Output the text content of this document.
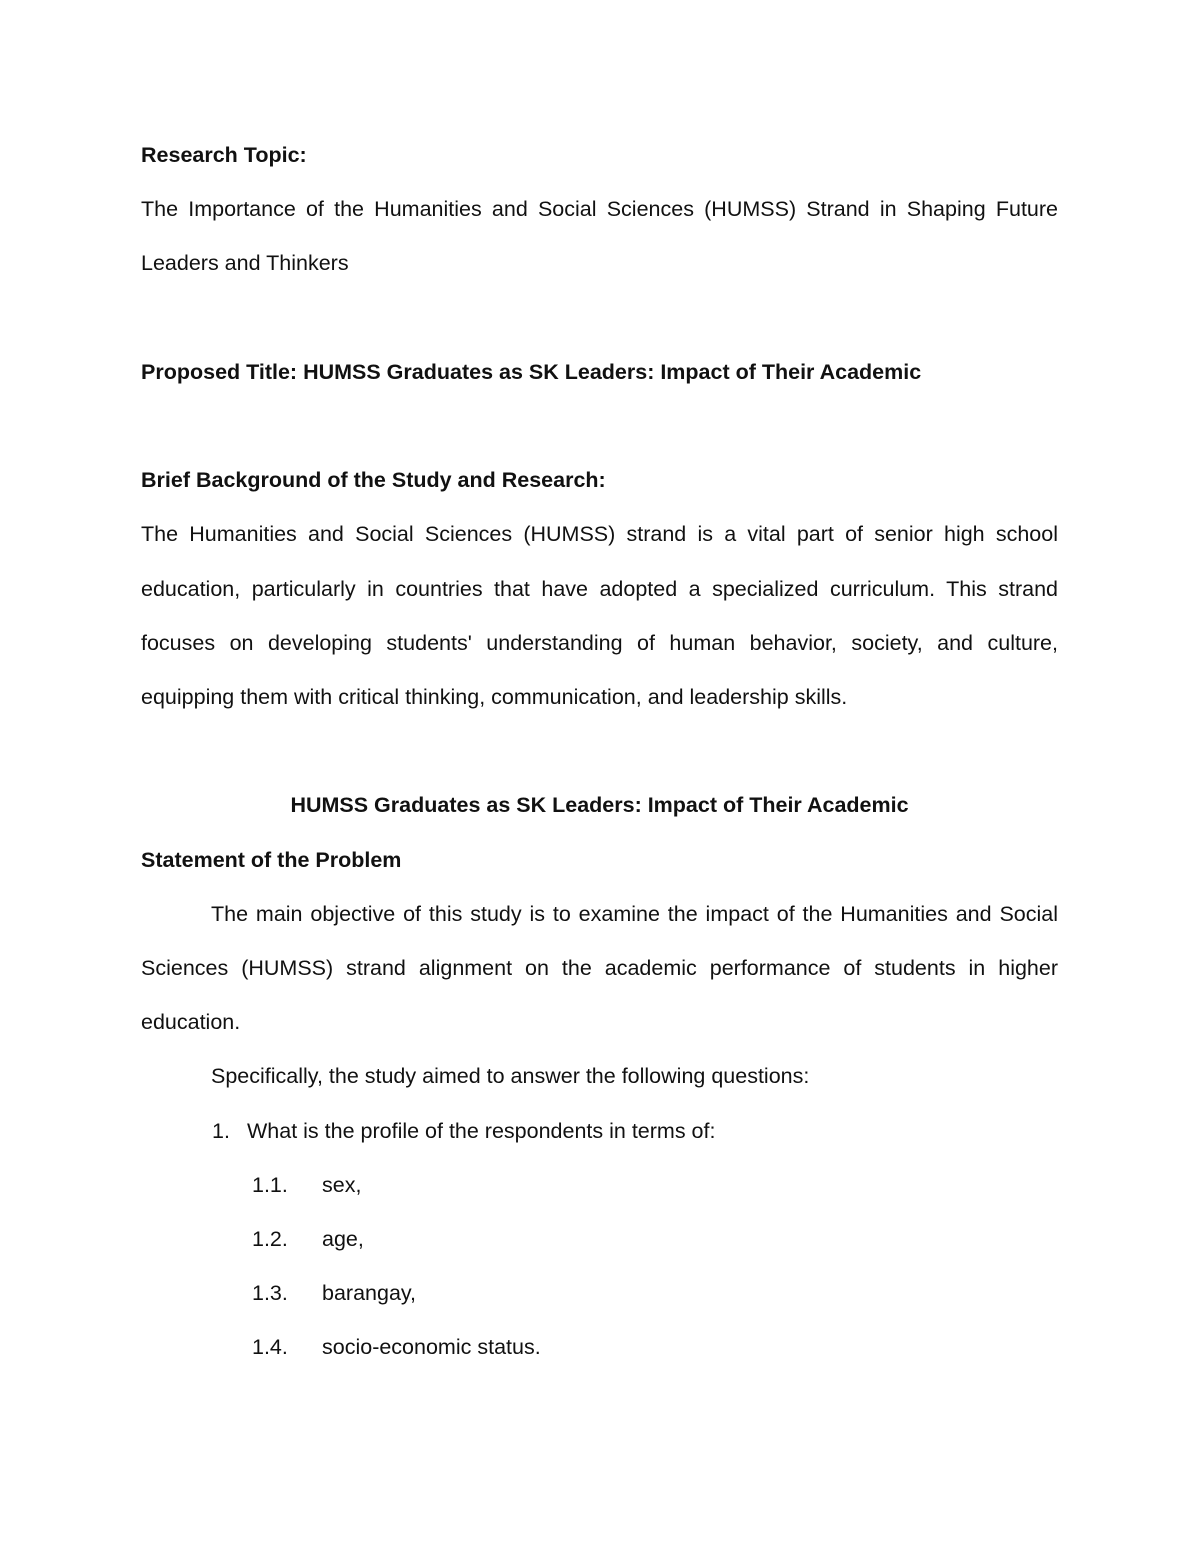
Research Topic:

The Importance of the Humanities and Social Sciences (HUMSS) Strand in Shaping Future Leaders and Thinkers

Proposed Title: HUMSS Graduates as SK Leaders: Impact of Their Academic

Brief Background of the Study and Research:

The Humanities and Social Sciences (HUMSS) strand is a vital part of senior high school education, particularly in countries that have adopted a specialized curriculum. This strand focuses on developing students' understanding of human behavior, society, and culture, equipping them with critical thinking, communication, and leadership skills.

HUMSS Graduates as SK Leaders: Impact of Their Academic

Statement of the Problem

The main objective of this study is to examine the impact of the Humanities and Social Sciences (HUMSS) strand alignment on the academic performance of students in higher education.

Specifically, the study aimed to answer the following questions:

1. What is the profile of the respondents in terms of:
1.1.	sex,
1.2.	age,
1.3.	barangay,
1.4.	socio-economic status.
